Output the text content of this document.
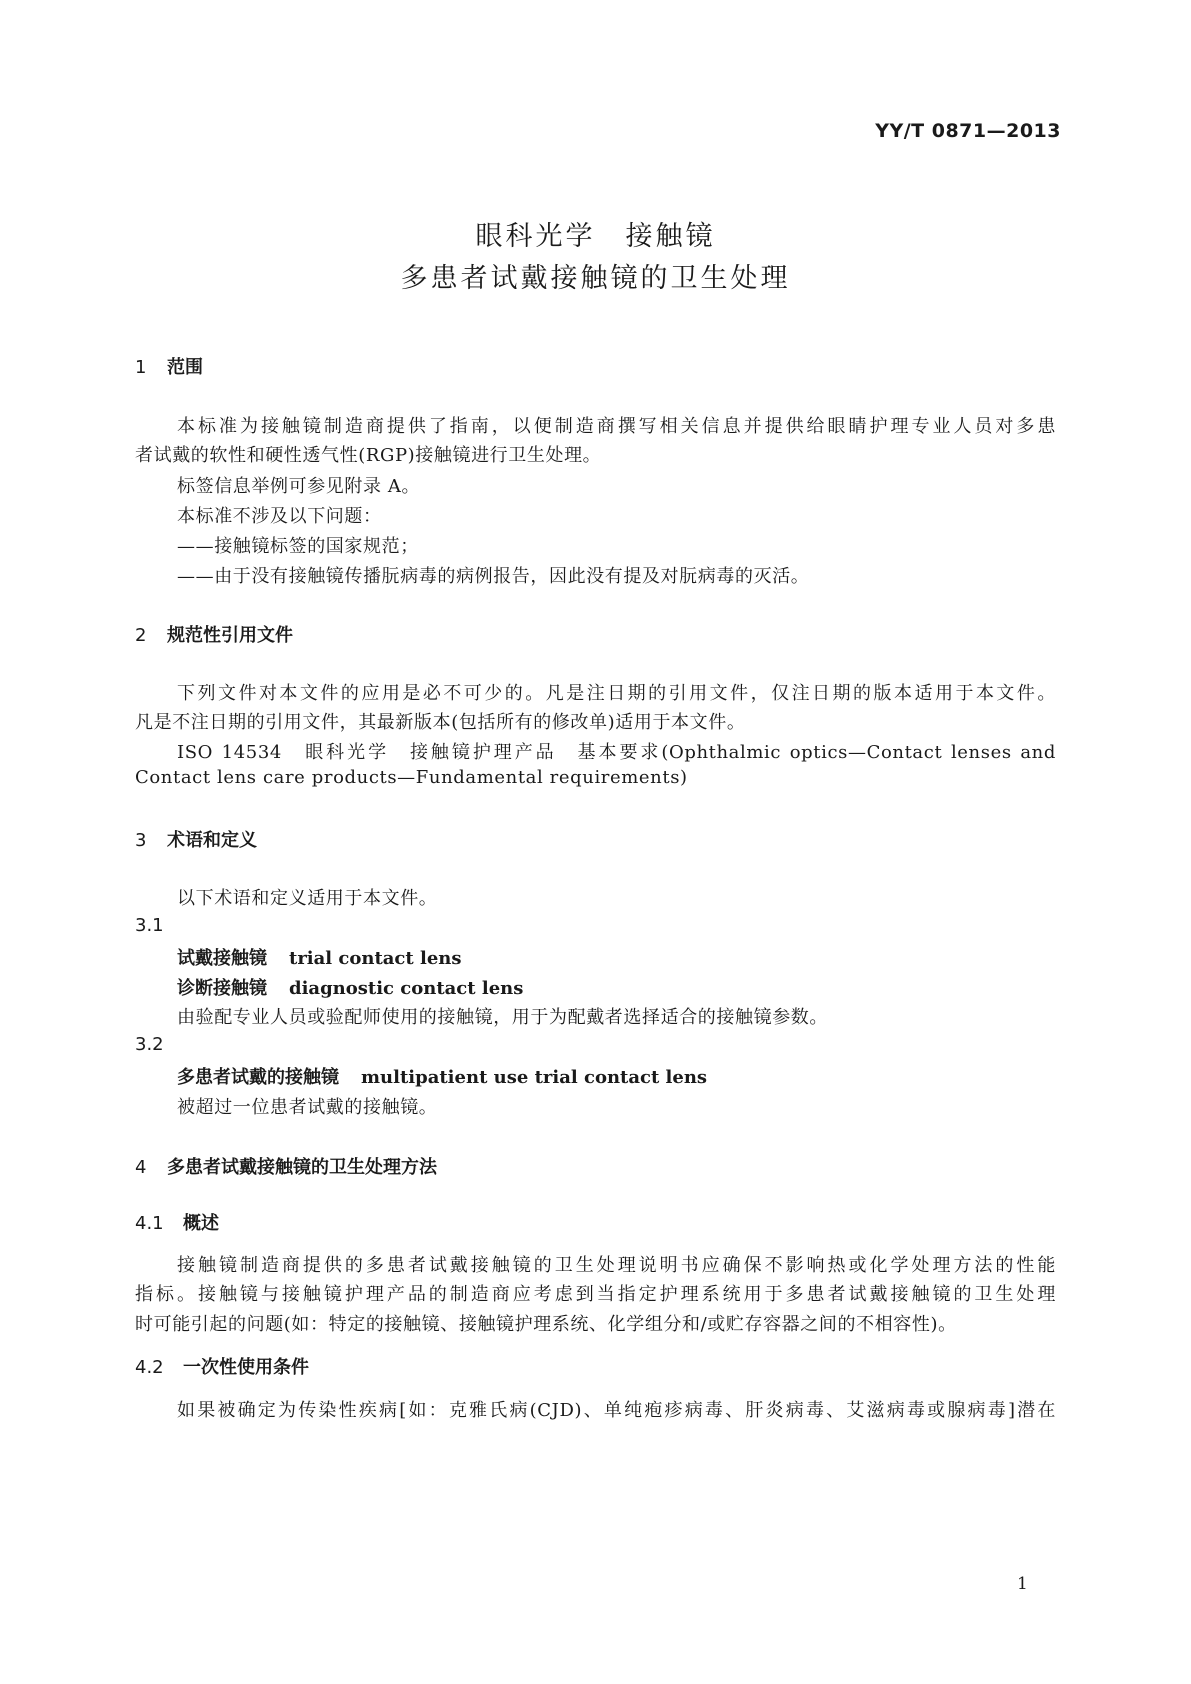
YY/T 0871—2013
眼科光学　接触镜
多患者试戴接触镜的卫生处理
1 范围
本标准为接触镜制造商提供了指南，以便制造商撰写相关信息并提供给眼睛护理专业人员对多患
者试戴的软性和硬性透气性(RGP)接触镜进行卫生处理。
标签信息举例可参见附录 A。
本标准不涉及以下问题：
——接触镜标签的国家规范；
——由于没有接触镜传播朊病毒的病例报告，因此没有提及对朊病毒的灭活。
2 规范性引用文件
下列文件对本文件的应用是必不可少的。凡是注日期的引用文件，仅注日期的版本适用于本文件。
凡是不注日期的引用文件，其最新版本(包括所有的修改单)适用于本文件。
ISO 14534　眼科光学　接触镜护理产品　基本要求(Ophthalmic optics—Contact lenses and
Contact lens care products—Fundamental requirements)
3 术语和定义
以下术语和定义适用于本文件。
3.1
试戴接触镜 trial contact lens
诊断接触镜 diagnostic contact lens
由验配专业人员或验配师使用的接触镜，用于为配戴者选择适合的接触镜参数。
3.2
多患者试戴的接触镜 multipatient use trial contact lens
被超过一位患者试戴的接触镜。
4 多患者试戴接触镜的卫生处理方法
4.1 概述
接触镜制造商提供的多患者试戴接触镜的卫生处理说明书应确保不影响热或化学处理方法的性能
指标。接触镜与接触镜护理产品的制造商应考虑到当指定护理系统用于多患者试戴接触镜的卫生处理
时可能引起的问题(如：特定的接触镜、接触镜护理系统、化学组分和/或贮存容器之间的不相容性)。
4.2 一次性使用条件
如果被确定为传染性疾病[如：克雅氏病(CJD)、单纯疱疹病毒、肝炎病毒、艾滋病毒或腺病毒]潜在
1
